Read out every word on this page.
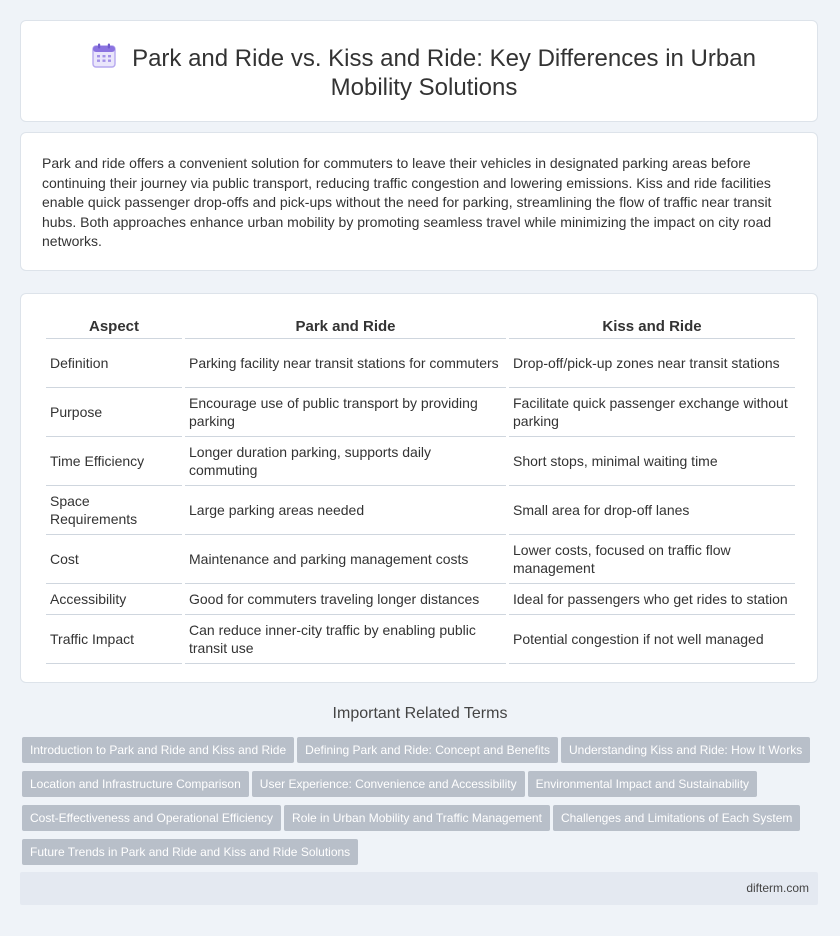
Park and Ride vs. Kiss and Ride: Key Differences in Urban Mobility Solutions

Park and ride offers a convenient solution for commuters to leave their vehicles in designated parking areas before continuing their journey via public transport, reducing traffic congestion and lowering emissions. Kiss and ride facilities enable quick passenger drop-offs and pick-ups without the need for parking, streamlining the flow of traffic near transit hubs. Both approaches enhance urban mobility by promoting seamless travel while minimizing the impact on city road networks.

Aspect	Park and Ride	Kiss and Ride
Definition	Parking facility near transit stations for commuters	Drop-off/pick-up zones near transit stations
Purpose	Encourage use of public transport by providing parking	Facilitate quick passenger exchange without parking
Time Efficiency	Longer duration parking, supports daily commuting	Short stops, minimal waiting time
Space Requirements	Large parking areas needed	Small area for drop-off lanes
Cost	Maintenance and parking management costs	Lower costs, focused on traffic flow management
Accessibility	Good for commuters traveling longer distances	Ideal for passengers who get rides to station
Traffic Impact	Can reduce inner-city traffic by enabling public transit use	Potential congestion if not well managed
Important Related Terms
Introduction to Park and Ride and Kiss and Ride Defining Park and Ride: Concept and Benefits Understanding Kiss and Ride: How It Works
Location and Infrastructure Comparison User Experience: Convenience and Accessibility Environmental Impact and Sustainability
Cost-Effectiveness and Operational Efficiency Role in Urban Mobility and Traffic Management Challenges and Limitations of Each System
Future Trends in Park and Ride and Kiss and Ride Solutions
difterm.com
